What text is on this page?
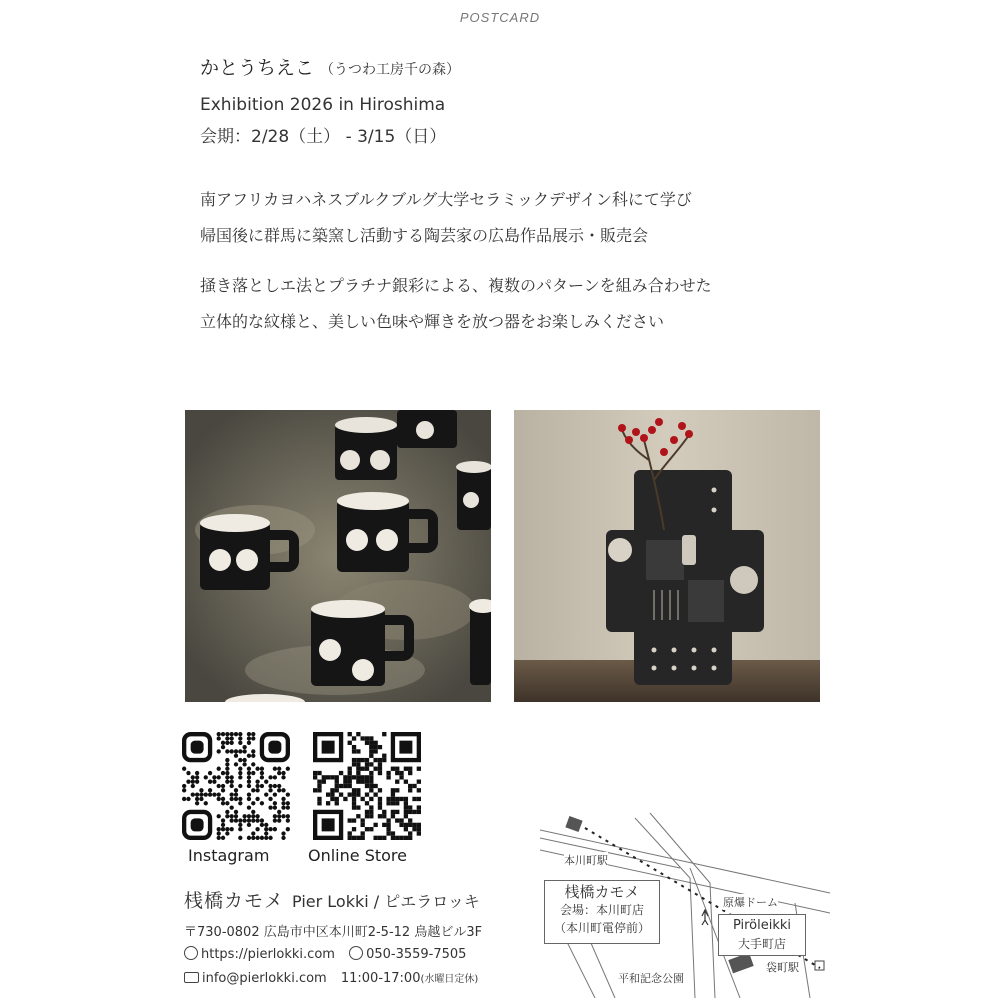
POSTCARD
かとうちえこ （うつわ工房千の森）
Exhibition 2026 in Hiroshima
会期：2/28（土） - 3/15（日）
南アフリカヨハネスブルクブルグ大学セラミックデザイン科にて学び
帰国後に群馬に築窯し活動する陶芸家の広島作品展示・販売会
掻き落としエ法とプラチナ銀彩による、複数のパターンを組み合わせた
立体的な紋様と、美しい色味や輝きを放つ器をお楽しみください
Instagram Online Store
桟橋カモメ Pier Lokki / ピエラロッキ
〒730-0802 広島市中区本川町2-5-12 鳥越ビル3F
https://pierlokki.com 050-3559-7505
info@pierlokki.com 11:00-17:00(水曜日定休)
本川町駅
原爆ドーム
桟橋カモメ
会場：本川町店
（本川町電停前）	Piröleikki
大手町店
平和記念公園
袋町駅
